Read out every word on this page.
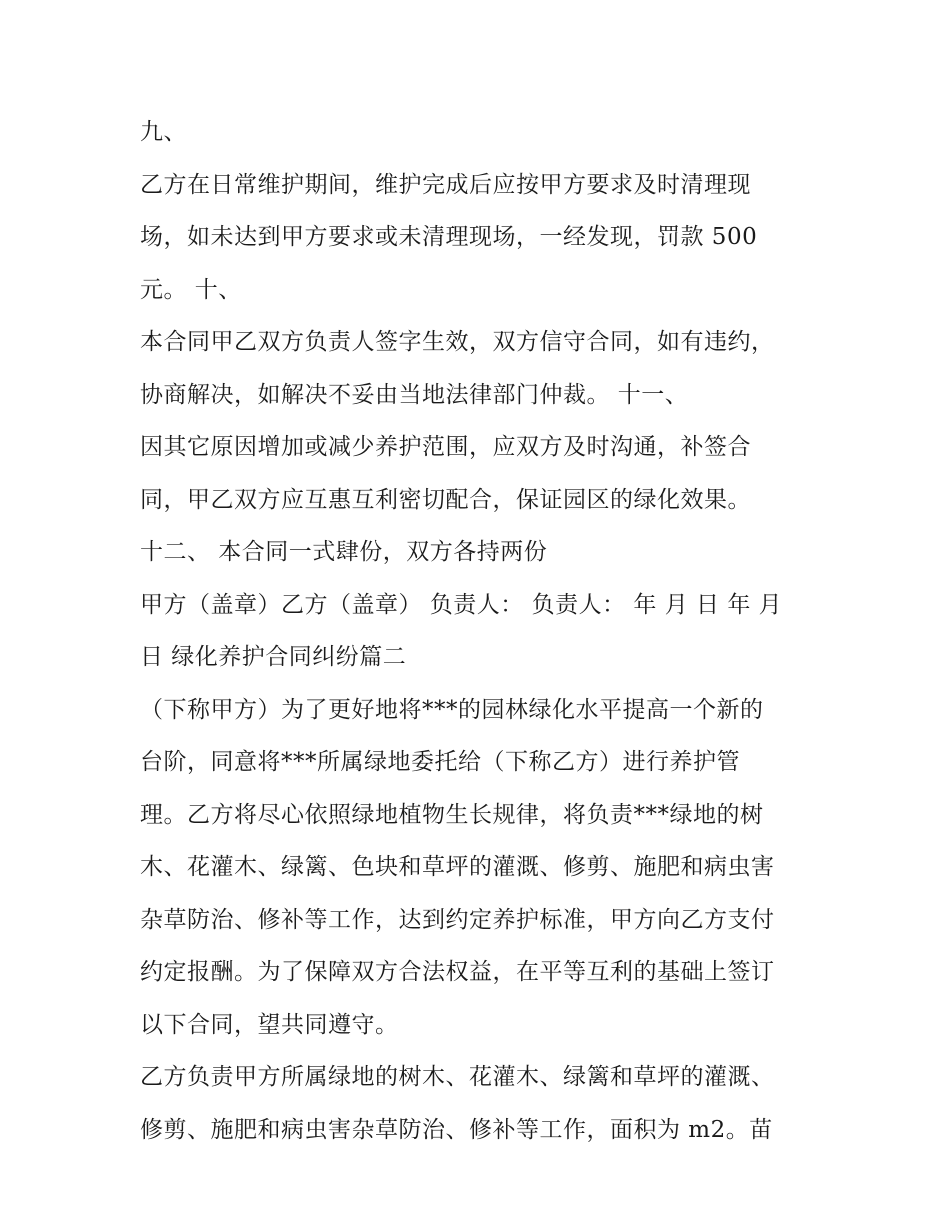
九、
乙方在日常维护期间，维护完成后应按甲方要求及时清理现
场，如未达到甲方要求或未清理现场，一经发现，罚款 500
元。 十、
本合同甲乙双方负责人签字生效，双方信守合同，如有违约，
协商解决，如解决不妥由当地法律部门仲裁。 十一、
因其它原因增加或减少养护范围，应双方及时沟通，补签合
同，甲乙双方应互惠互利密切配合，保证园区的绿化效果。
十二、 本合同一式肆份，双方各持两份
甲方（盖章）乙方（盖章） 负责人： 负责人： 年 月 日 年 月
日 绿化养护合同纠纷篇二
（下称甲方）为了更好地将***的园林绿化水平提高一个新的
台阶，同意将***所属绿地委托给（下称乙方）进行养护管
理。乙方将尽心依照绿地植物生长规律，将负责***绿地的树
木、花灌木、绿篱、色块和草坪的灌溉、修剪、施肥和病虫害
杂草防治、修补等工作，达到约定养护标准，甲方向乙方支付
约定报酬。为了保障双方合法权益，在平等互利的基础上签订
以下合同，望共同遵守。
乙方负责甲方所属绿地的树木、花灌木、绿篱和草坪的灌溉、
修剪、施肥和病虫害杂草防治、修补等工作，面积为 m2。苗
